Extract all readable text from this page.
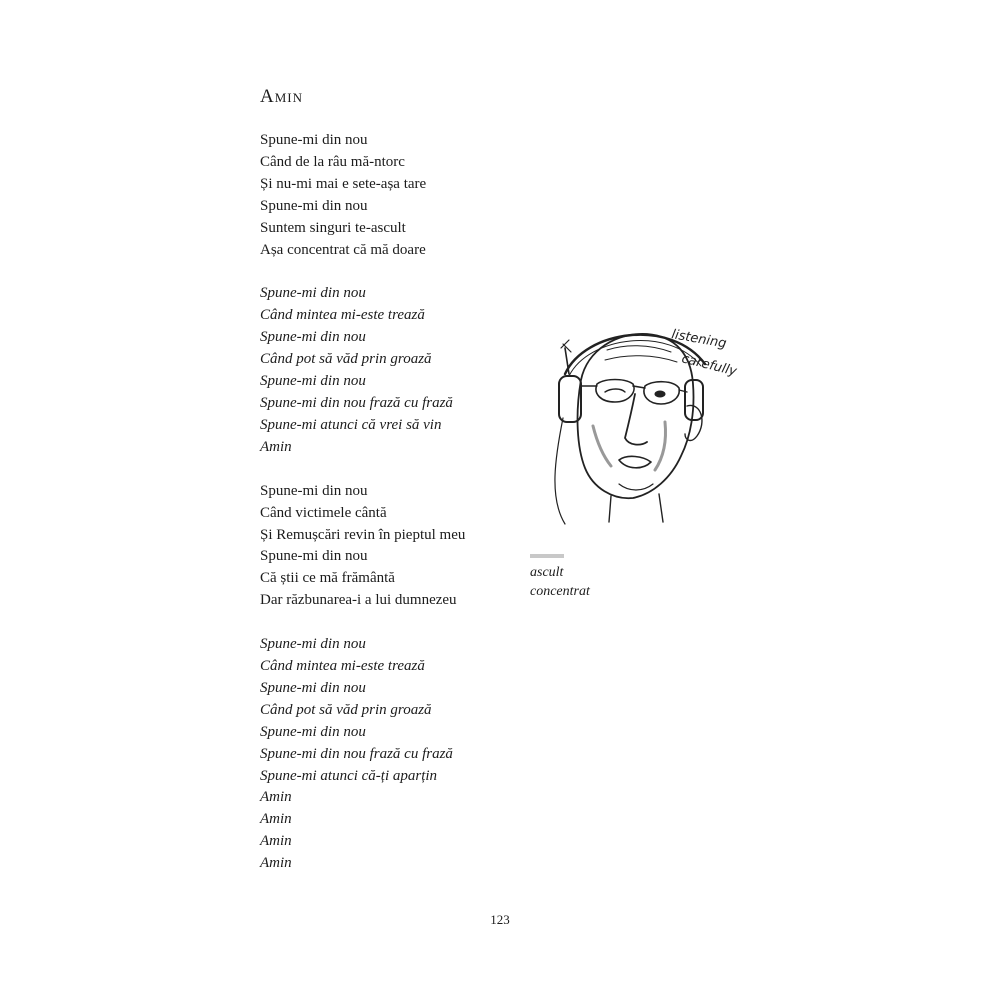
Amin
Spune-mi din nou
Când de la râu mă-ntorc
Și nu-mi mai e sete-așa tare
Spune-mi din nou
Suntem singuri te-ascult
Așa concentrat că mă doare
Spune-mi din nou
Când mintea mi-este trează
Spune-mi din nou
Când pot să văd prin groază
Spune-mi din nou
Spune-mi din nou frază cu frază
Spune-mi atunci că vrei să vin
Amin
Spune-mi din nou
Când victimele cântă
Și Remușcări revin în pieptul meu
Spune-mi din nou
Că știi ce mă frământă
Dar răzbunarea-i a lui dumnezeu
Spune-mi din nou
Când mintea mi-este trează
Spune-mi din nou
Când pot să văd prin groază
Spune-mi din nou
Spune-mi din nou frază cu frază
Spune-mi atunci că-ți aparțin
Amin
Amin
Amin
Amin
listening
carefully
ascult
concentrat
123
